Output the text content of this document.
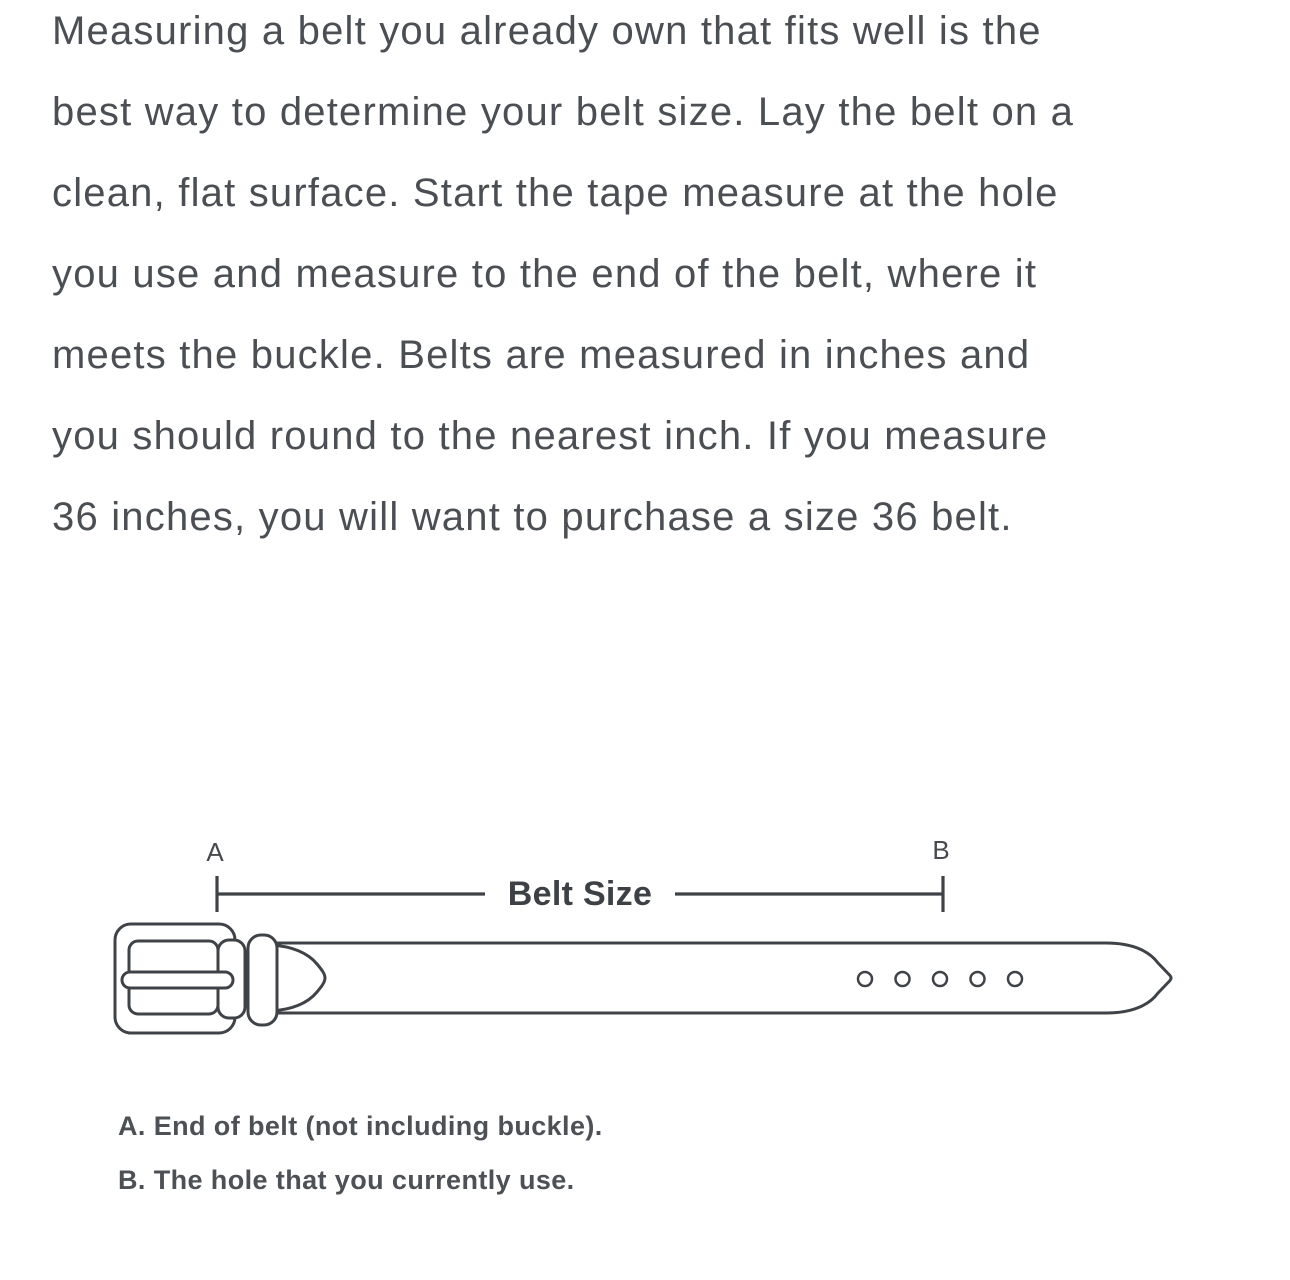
Measuring a belt you already own that fits well is the
best way to determine your belt size. Lay the belt on a
clean, flat surface. Start the tape measure at the hole
you use and measure to the end of the belt, where it
meets the buckle. Belts are measured in inches and
you should round to the nearest inch. If you measure
36 inches, you will want to purchase a size 36 belt.
A	B
Belt Size
A. End of belt (not including buckle).
B. The hole that you currently use.
